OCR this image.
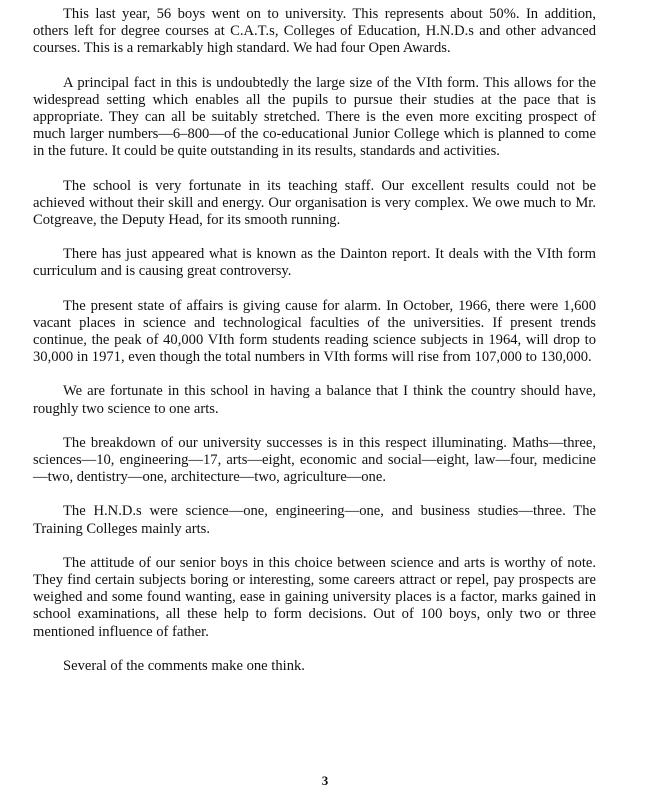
This last year, 56 boys went on to university. This represents about 50%. In addition, others left for degree courses at C.A.T.s, Colleges of Education, H.N.D.s and other advanced courses. This is a remarkably high standard. We had four Open Awards.

A principal fact in this is undoubtedly the large size of the VIth form. This allows for the widespread setting which enables all the pupils to pursue their studies at the pace that is appropriate. They can all be suitably stretched. There is the even more exciting prospect of much larger numbers—6–800—of the co-educational Junior College which is planned to come in the future. It could be quite outstanding in its results, standards and activities.

The school is very fortunate in its teaching staff. Our excellent results could not be achieved without their skill and energy. Our organisation is very complex. We owe much to Mr. Cotgreave, the Deputy Head, for its smooth running.

There has just appeared what is known as the Dainton report. It deals with the VIth form curriculum and is causing great controversy.

The present state of affairs is giving cause for alarm. In October, 1966, there were 1,600 vacant places in science and technological faculties of the universities. If present trends continue, the peak of 40,000 VIth form students reading science subjects in 1964, will drop to 30,000 in 1971, even though the total numbers in VIth forms will rise from 107,000 to 130,000.

We are fortunate in this school in having a balance that I think the country should have, roughly two science to one arts.

The breakdown of our university successes is in this respect illuminating. Maths—three, sciences—10, engineering—17, arts—eight, economic and social—eight, law—four, medicine—two, dentistry—one, architecture—two, agriculture—one.

The H.N.D.s were science—one, engineering—one, and business studies—three. The Training Colleges mainly arts.

The attitude of our senior boys in this choice between science and arts is worthy of note. They find certain subjects boring or interesting, some careers attract or repel, pay prospects are weighed and some found wanting, ease in gaining university places is a factor, marks gained in school examinations, all these help to form decisions. Out of 100 boys, only two or three mentioned influence of father.

Several of the comments make one think.

3
